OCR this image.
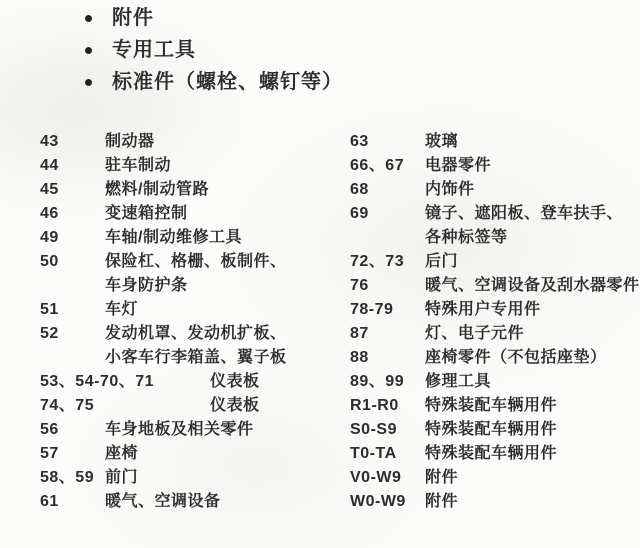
附件
专用工具
标准件（螺栓、螺钉等）
43	制动器
44	驻车制动
45	燃料/制动管路
46	变速箱控制
49	车轴/制动维修工具
50	保险杠、格栅、板制件、
车身防护条
51	车灯
52	发动机罩、发动机扩板、
小客车行李箱盖、翼子板
53、54-70、71	仪表板
74、75	仪表板
56	车身地板及相关零件
57	座椅
58、59 前门
61	暖气、空调设备
63	玻璃
66、67 电器零件
68	内饰件
69	镜子、遮阳板、登车扶手、
各种标签等
72、73 后门
76	暖气、空调设备及刮水器零件
78-79 特殊用户专用件
87	灯、电子元件
88	座椅零件（不包括座垫）
89、99 修理工具
R1-R0 特殊装配车辆用件
S0-S9 特殊装配车辆用件
T0-TA 特殊装配车辆用件
V0-W9 附件
W0-W9 附件
